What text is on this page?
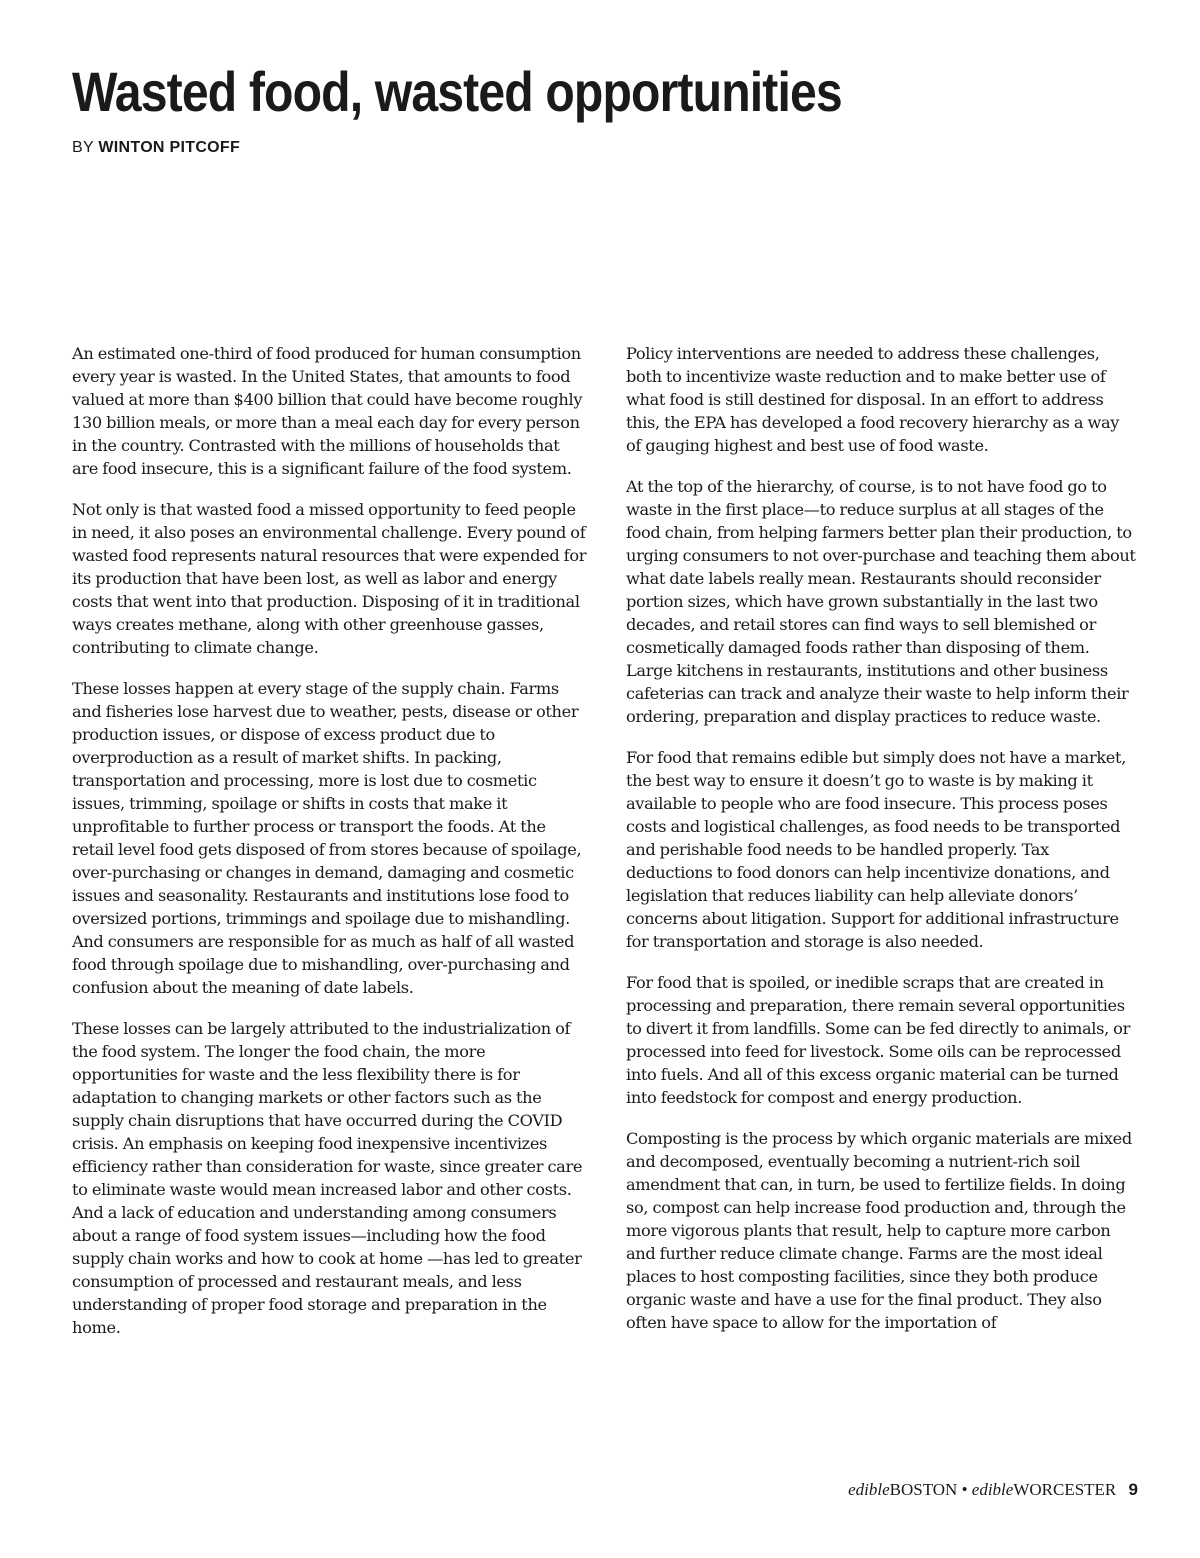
Wasted food, wasted opportunities
BY WINTON PITCOFF

An estimated one-third of food produced for human consumption every year is wasted. In the United States, that amounts to food valued at more than $400 billion that could have become roughly 130 billion meals, or more than a meal each day for every person in the country. Contrasted with the millions of households that are food insecure, this is a significant failure of the food system.

Not only is that wasted food a missed opportunity to feed people in need, it also poses an environmental challenge. Every pound of wasted food represents natural resources that were expended for its production that have been lost, as well as labor and energy costs that went into that production. Disposing of it in traditional ways creates methane, along with other greenhouse gasses, contributing to climate change.

These losses happen at every stage of the supply chain. Farms and fisheries lose harvest due to weather, pests, disease or other production issues, or dispose of excess product due to overproduction as a result of market shifts. In packing, transportation and processing, more is lost due to cosmetic issues, trimming, spoilage or shifts in costs that make it unprofitable to further process or transport the foods. At the retail level food gets disposed of from stores because of spoilage, over-purchasing or changes in demand, damaging and cosmetic issues and seasonality. Restaurants and institutions lose food to oversized portions, trimmings and spoilage due to mishandling. And consumers are responsible for as much as half of all wasted food through spoilage due to mishandling, over-purchasing and confusion about the meaning of date labels.

These losses can be largely attributed to the industrialization of the food system. The longer the food chain, the more opportunities for waste and the less flexibility there is for adaptation to changing markets or other factors such as the supply chain disruptions that have occurred during the COVID crisis. An emphasis on keeping food inexpensive incentivizes efficiency rather than consideration for waste, since greater care to eliminate waste would mean increased labor and other costs. And a lack of education and understanding among consumers about a range of food system issues—including how the food supply chain works and how to cook at home —has led to greater consumption of processed and restaurant meals, and less understanding of proper food storage and preparation in the home.

Policy interventions are needed to address these challenges, both to incentivize waste reduction and to make better use of what food is still destined for disposal. In an effort to address this, the EPA has developed a food recovery hierarchy as a way of gauging highest and best use of food waste.

At the top of the hierarchy, of course, is to not have food go to waste in the first place—to reduce surplus at all stages of the food chain, from helping farmers better plan their production, to urging consumers to not over-purchase and teaching them about what date labels really mean. Restaurants should reconsider portion sizes, which have grown substantially in the last two decades, and retail stores can find ways to sell blemished or cosmetically damaged foods rather than disposing of them. Large kitchens in restaurants, institutions and other business cafeterias can track and analyze their waste to help inform their ordering, preparation and display practices to reduce waste.

For food that remains edible but simply does not have a market, the best way to ensure it doesn’t go to waste is by making it available to people who are food insecure. This process poses costs and logistical challenges, as food needs to be transported and perishable food needs to be handled properly. Tax deductions to food donors can help incentivize donations, and legislation that reduces liability can help alleviate donors’ concerns about litigation. Support for additional infrastructure for transportation and storage is also needed.

For food that is spoiled, or inedible scraps that are created in processing and preparation, there remain several opportunities to divert it from landfills. Some can be fed directly to animals, or processed into feed for livestock. Some oils can be reprocessed into fuels. And all of this excess organic material can be turned into feedstock for compost and energy production.

Composting is the process by which organic materials are mixed and decomposed, eventually becoming a nutrient-rich soil amendment that can, in turn, be used to fertilize fields. In doing so, compost can help increase food production and, through the more vigorous plants that result, help to capture more carbon and further reduce climate change. Farms are the most ideal places to host composting facilities, since they both produce organic waste and have a use for the final product. They also often have space to allow for the importation of

edibleBOSTON • edibleWORCESTER 9
